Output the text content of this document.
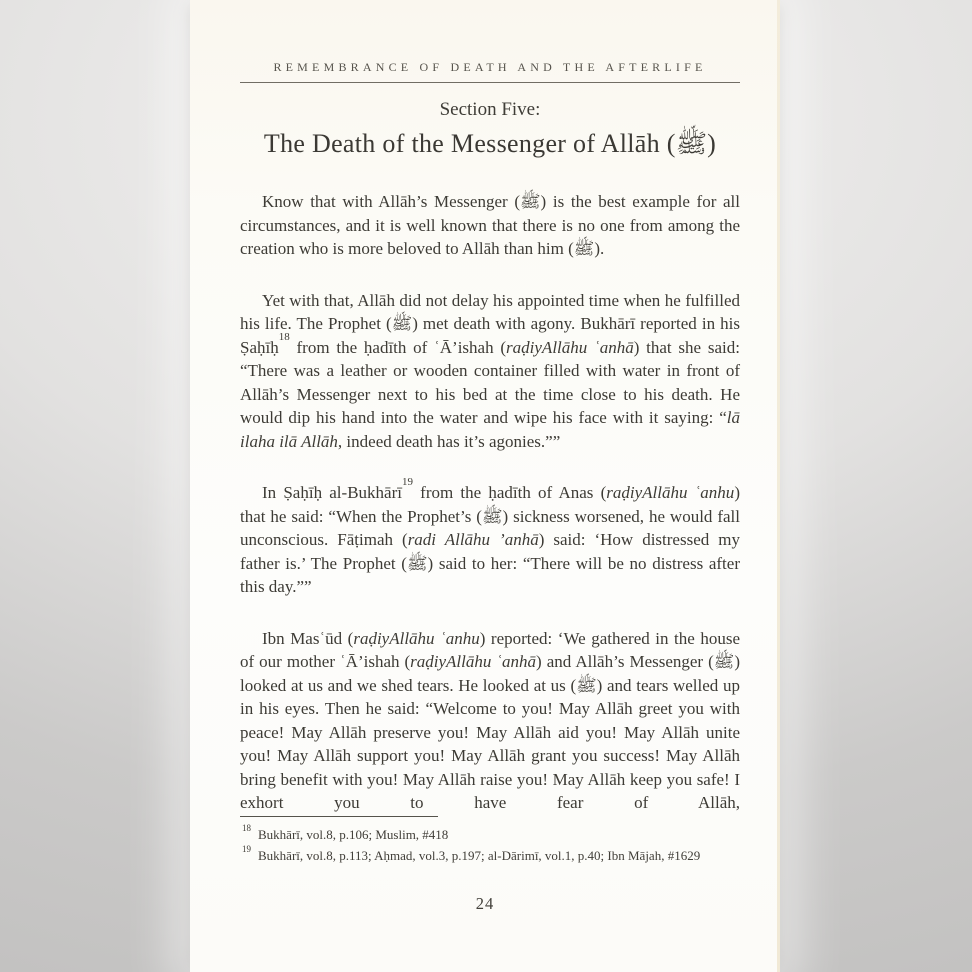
REMEMBRANCE OF DEATH AND THE AFTERLIFE
Section Five:
The Death of the Messenger of Allāh (ﷺ)

Know that with Allāh’s Messenger (ﷺ) is the best example for all circumstances, and it is well known that there is no one from among the creation who is more beloved to Allāh than him (ﷺ).

Yet with that, Allāh did not delay his appointed time when he fulfilled his life. The Prophet (ﷺ) met death with agony. Bukhārī reported in his Ṣaḥīḥ$^{18}$ from the ḥadīth of ʿĀ’ishah (raḍiyAllāhu ʿanhā) that she said: “There was a leather or wooden container filled with water in front of Allāh’s Messenger next to his bed at the time close to his death. He would dip his hand into the water and wipe his face with it saying: “lā ilaha ilā Allāh, indeed death has it’s agonies.””

In Ṣaḥīḥ al-Bukhārī$^{19}$ from the ḥadīth of Anas (raḍiyAllāhu ʿanhu) that he said: “When the Prophet’s (ﷺ) sickness worsened, he would fall unconscious. Fāṭimah (radi Allāhu ’anhā) said: ‘How distressed my father is.’ The Prophet (ﷺ) said to her: “There will be no distress after this day.””

Ibn Masʿūd (raḍiyAllāhu ʿanhu) reported: ‘We gathered in the house of our mother ʿĀ’ishah (raḍiyAllāhu ʿanhā) and Allāh’s Messenger (ﷺ) looked at us and we shed tears. He looked at us (ﷺ) and tears welled up in his eyes. Then he said: “Welcome to you! May Allāh greet you with peace! May Allāh preserve you! May Allāh aid you! May Allāh unite you! May Allāh support you! May Allāh grant you success! May Allāh bring benefit with you! May Allāh raise you! May Allāh keep you safe! I exhort you to have fear of Allāh,

$^{18}$ Bukhārī, vol.8, p.106; Muslim, #418
$^{19}$ Bukhārī, vol.8, p.113; Aḥmad, vol.3, p.197; al-Dārimī, vol.1, p.40; Ibn Mājah, #1629
24
